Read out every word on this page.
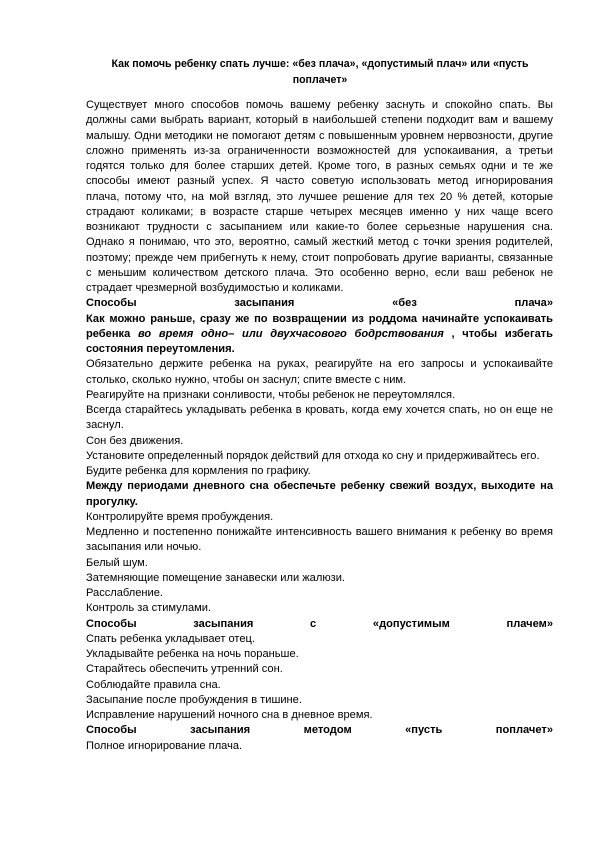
Как помочь ребенку спать лучше: «без плача», «допустимый плач» или «пусть поплачет»

Существует много способов помочь вашему ребенку заснуть и спокойно спать. Вы должны сами выбрать вариант, который в наибольшей степени подходит вам и вашему малышу. Одни методики не помогают детям с повышенным уровнем нервозности, другие сложно применять из-за ограниченности возможностей для успокаивания, а третьи годятся только для более старших детей. Кроме того, в разных семьях одни и те же способы имеют разный успех. Я часто советую использовать метод игнорирования плача, потому что, на мой взгляд, это лучшее решение для тех 20 % детей, которые страдают коликами; в возрасте старше четырех месяцев именно у них чаще всего возникают трудности с засыпанием или какие-то более серьезные нарушения сна. Однако я понимаю, что это, вероятно, самый жесткий метод с точки зрения родителей, поэтому; прежде чем прибегнуть к нему, стоит попробовать другие варианты, связанные с меньшим количеством детского плача. Это особенно верно, если ваш ребенок не страдает чрезмерной возбудимостью и коликами.

Способы засыпания «без плача»

Как можно раньше, сразу же по возвращении из роддома начинайте успокаивать ребенка во время одно– или двухчасового бодрствования , чтобы избегать состояния переутомления.

Обязательно держите ребенка на руках, реагируйте на его запросы и успокаивайте столько, сколько нужно, чтобы он заснул; спите вместе с ним.

Реагируйте на признаки сонливости, чтобы ребенок не переутомлялся.

Всегда старайтесь укладывать ребенка в кровать, когда ему хочется спать, но он еще не заснул.

Сон без движения.

Установите определенный порядок действий для отхода ко сну и придерживайтесь его.

Будите ребенка для кормления по графику.

Между периодами дневного сна обеспечьте ребенку свежий воздух, выходите на прогулку.

Контролируйте время пробуждения.

Медленно и постепенно понижайте интенсивность вашего внимания к ребенку во время засыпания или ночью.

Белый шум.

Затемняющие помещение занавески или жалюзи.

Расслабление.

Контроль за стимулами.

Способы засыпания с «допустимым плачем»

Спать ребенка укладывает отец.

Укладывайте ребенка на ночь пораньше.

Старайтесь обеспечить утренний сон.

Соблюдайте правила сна.

Засыпание после пробуждения в тишине.

Исправление нарушений ночного сна в дневное время.

Способы засыпания методом «пусть поплачет»

Полное игнорирование плача.
